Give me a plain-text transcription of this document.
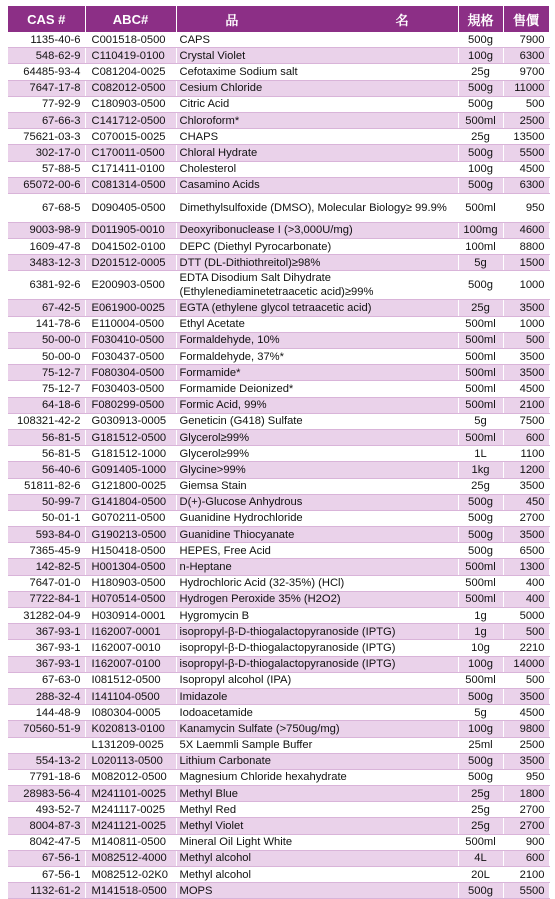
CAS #	ABC#	品 名	規格	售價
1135-40-6	C001518-0500	CAPS	500g	7900
548-62-9	C110419-0100	Crystal Violet	100g	6300
64485-93-4	C081204-0025	Cefotaxime Sodium salt	25g	9700
7647-17-8	C082012-0500	Cesium Chloride	500g	11000
77-92-9	C180903-0500	Citric Acid	500g	500
67-66-3	C141712-0500	Chloroform*	500ml	2500
75621-03-3	C070015-0025	CHAPS	25g	13500
302-17-0	C170011-0500	Chloral Hydrate	500g	5500
57-88-5	C171411-0100	Cholesterol	100g	4500
65072-00-6	C081314-0500	Casamino Acids	500g	6300
67-68-5	D090405-0500	Dimethylsulfoxide (DMSO), Molecular Biology≥ 99.9%	500ml	950
9003-98-9	D011905-0010	Deoxyribonuclease I (>3,000U/mg)	100mg	4600
1609-47-8	D041502-0100	DEPC (Diethyl Pyrocarbonate)	100ml	8800
3483-12-3	D201512-0005	DTT (DL-Dithiothreitol)≥98%	5g	1500
6381-92-6	E200903-0500	EDTA Disodium Salt Dihydrate (Ethylenediaminetetraacetic acid)≥99%	500g	1000
67-42-5	E061900-0025	EGTA (ethylene glycol tetraacetic acid)	25g	3500
141-78-6	E110004-0500	Ethyl Acetate	500ml	1000
50-00-0	F030410-0500	Formaldehyde, 10%	500ml	500
50-00-0	F030437-0500	Formaldehyde, 37%*	500ml	3500
75-12-7	F080304-0500	Formamide*	500ml	3500
75-12-7	F030403-0500	Formamide Deionized*	500ml	4500
64-18-6	F080299-0500	Formic Acid, 99%	500ml	2100
108321-42-2	G030913-0005	Geneticin (G418) Sulfate	5g	7500
56-81-5	G181512-0500	Glycerol≥99%	500ml	600
56-81-5	G181512-1000	Glycerol≥99%	1L	1100
56-40-6	G091405-1000	Glycine>99%	1kg	1200
51811-82-6	G121800-0025	Giemsa Stain	25g	3500
50-99-7	G141804-0500	D(+)-Glucose Anhydrous	500g	450
50-01-1	G070211-0500	Guanidine Hydrochloride	500g	2700
593-84-0	G190213-0500	Guanidine Thiocyanate	500g	3500
7365-45-9	H150418-0500	HEPES, Free Acid	500g	6500
142-82-5	H001304-0500	n-Heptane	500ml	1300
7647-01-0	H180903-0500	Hydrochloric Acid (32-35%) (HCl)	500ml	400
7722-84-1	H070514-0500	Hydrogen Peroxide 35% (H2O2)	500ml	400
31282-04-9	H030914-0001	Hygromycin B	1g	5000
367-93-1	I162007-0001	isopropyl-β-D-thiogalactopyranoside (IPTG)	1g	500
367-93-1	I162007-0010	isopropyl-β-D-thiogalactopyranoside (IPTG)	10g	2210
367-93-1	I162007-0100	isopropyl-β-D-thiogalactopyranoside (IPTG)	100g	14000
67-63-0	I081512-0500	Isopropyl alcohol (IPA)	500ml	500
288-32-4	I141104-0500	Imidazole	500g	3500
144-48-9	I080304-0005	Iodoacetamide	5g	4500
70560-51-9	K020813-0100	Kanamycin Sulfate (>750ug/mg)	100g	9800
	L131209-0025	5X Laemmli Sample Buffer	25ml	2500
554-13-2	L020113-0500	Lithium Carbonate	500g	3500
7791-18-6	M082012-0500	Magnesium Chloride hexahydrate	500g	950
28983-56-4	M241101-0025	Methyl Blue	25g	1800
493-52-7	M241117-0025	Methyl Red	25g	2700
8004-87-3	M241121-0025	Methyl Violet	25g	2700
8042-47-5	M140811-0500	Mineral Oil Light White	500ml	900
67-56-1	M082512-4000	Methyl alcohol	4L	600
67-56-1	M082512-02K0	Methyl alcohol	20L	2100
1132-61-2	M141518-0500	MOPS	500g	5500
